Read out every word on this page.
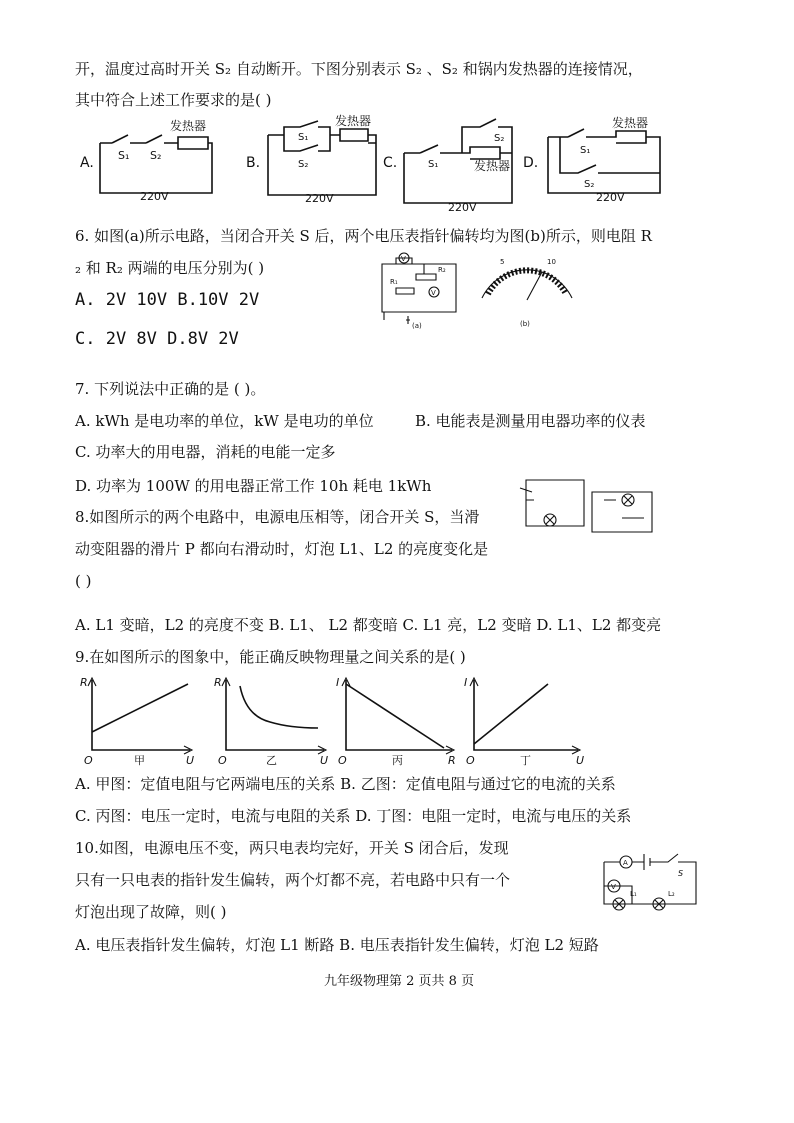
开，温度过高时开关 S₂ 自动断开。下图分别表示 S₂ 、S₂ 和锅内发热器的连接情况，
其中符合上述工作要求的是( )
A.
发热器
S₁ S₂
220V
B.
发热器
S₁
S₂
220V
C.	发热器
S₁
S₂
220V
D.
发热器
S₁
S₂
220V
6. 如图(a)所示电路，当闭合开关 S 后，两个电压表指针偏转均为图(b)所示，则电阻 R
₂ 和 R₂ 两端的电压分别为( )
A. 2V 10V B.10V 2V
C. 2V 8V D.8V 2V
V
V
R₁
R₂
(a)
5	10
(b)
7. 下列说法中正确的是 ( )。
A. kWh 是电功率的单位，kW 是电功的单位	B. 电能表是测量用电器功率的仪表
C. 功率大的用电器，消耗的电能一定多
D. 功率为 100W 的用电器正常工作 10h 耗电 1kWh
8.如图所示的两个电路中，电源电压相等，闭合开关 S，当滑
动变阻器的滑片 P 都向右滑动时，灯泡 L1、L2 的亮度变化是
( )
A. L1 变暗，L2 的亮度不变 B. L1、 L2 都变暗 C. L1 亮，L2 变暗 D. L1、L2 都变亮
9.在如图所示的图象中，能正确反映物理量之间关系的是( )
R
U
O	甲
R
U
O	乙
I
R
O	丙
I
U
O	丁
A. 甲图：定值电阻与它两端电压的关系 B. 乙图：定值电阻与通过它的电流的关系
C. 丙图：电压一定时，电流与电阻的关系 D. 丁图：电阻一定时，电流与电压的关系
10.如图，电源电压不变，两只电表均完好，开关 S 闭合后，发现
只有一只电表的指针发生偏转，两个灯都不亮，若电路中只有一个
灯泡出现了故障，则( )
A
V
S
L₁	L₂
A. 电压表指针发生偏转，灯泡 L1 断路 B. 电压表指针发生偏转，灯泡 L2 短路
九年级物理第 2 页共 8 页
